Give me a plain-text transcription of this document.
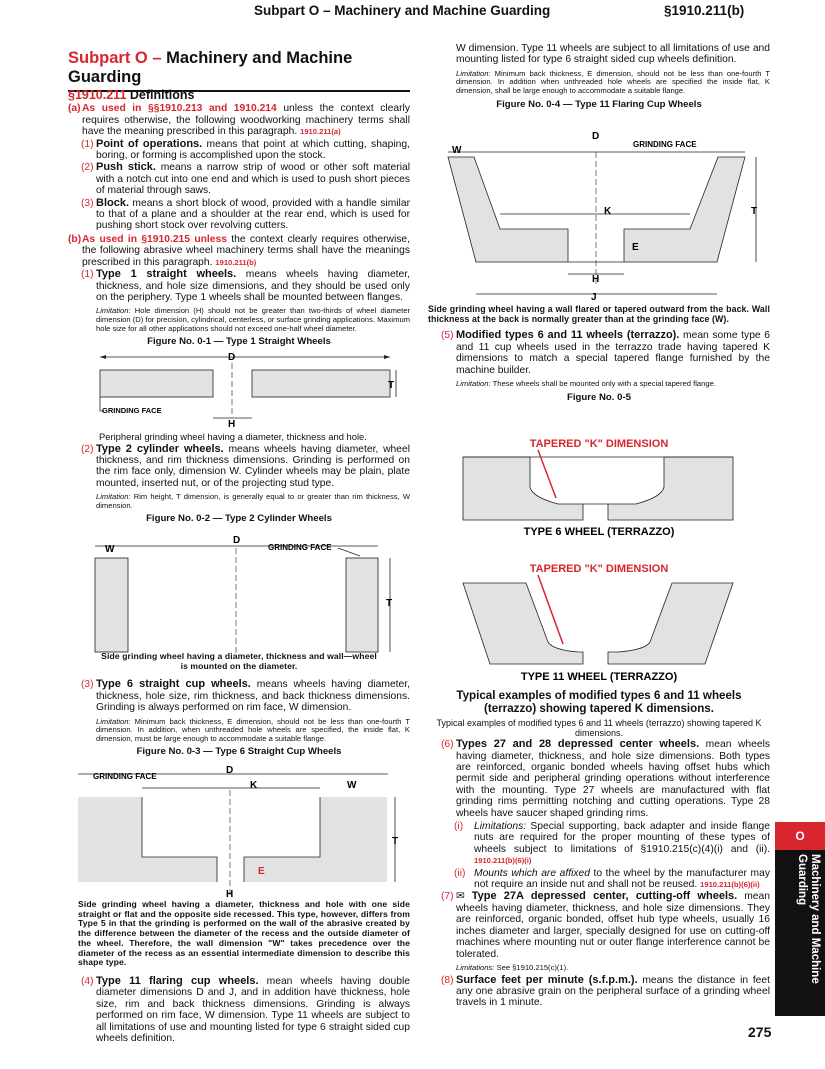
Subpart O – Machinery and Machine Guarding	§1910.211(b)
Subpart O – Machinery and Machine Guarding
§1910.211 Definitions
(a) As used in §§1910.213 and 1910.214 unless the context clearly requires otherwise, the following woodworking machinery terms shall have the meaning prescribed in this paragraph. 1910.211(a)
(1) Point of operations. means that point at which cutting, shaping, boring, or forming is accomplished upon the stock.
(2) Push stick. means a narrow strip of wood or other soft material with a notch cut into one end and which is used to push short pieces of material through saws.
(3) Block. means a short block of wood, provided with a handle similar to that of a plane and a shoulder at the rear end, which is used for pushing short stock over revolving cutters.
(b) As used in §1910.215 unless the context clearly requires otherwise, the following abrasive wheel machinery terms shall have the meanings prescribed in this paragraph. 1910.211(b)
(1) Type 1 straight wheels. means wheels having diameter, thickness, and hole size dimensions, and they should be used only on the periphery. Type 1 wheels shall be mounted between flanges.
Limitation: Hole dimension (H) should not be greater than two-thirds of wheel diameter dimension (D) for precision, cylindrical, centerless, or surface grinding applications. Maximum hole size for all other applications should not exceed one-half wheel diameter.
Figure No. 0-1 — Type 1 Straight Wheels
D
T
H
GRINDING FACE
Peripheral grinding wheel having a diameter, thickness and hole.
(2) Type 2 cylinder wheels. means wheels having diameter, wheel thickness, and rim thickness dimensions. Grinding is performed on the rim face only, dimension W. Cylinder wheels may be plain, plate mounted, inserted nut, or of the projecting stud type.
Limitation: Rim height, T dimension, is generally equal to or greater than rim thickness, W dimension.
Figure No. 0-2 — Type 2 Cylinder Wheels
D
W	GRINDING FACE
T
Side grinding wheel having a diameter, thickness and wall—wheel is mounted on the diameter.
(3) Type 6 straight cup wheels. means wheels having diameter, thickness, hole size, rim thickness, and back thickness dimensions. Grinding is always performed on rim face, W dimension.
Limitation: Minimum back thickness, E dimension, should not be less than one-fourth T dimension. In addition, when unthreaded hole wheels are specified, the inside flat, K dimension, must be large enough to accommodate a suitable flange.
Figure No. 0-3 — Type 6 Straight Cup Wheels
D
GRINDING FACE
K	W
T
E
H
Side grinding wheel having a diameter, thickness and hole with one side straight or flat and the opposite side recessed. This type, however, differs from Type 5 in that the grinding is performed on the wall of the abrasive created by the difference between the diameter of the recess and the outside diameter of the wheel. Therefore, the wall dimension "W" takes precedence over the diameter of the recess as an essential intermediate dimension to describe this shape type.
(4) Type 11 flaring cup wheels. mean wheels having double diameter dimensions D and J, and in addition have thickness, hole size, rim and back thickness dimensions. Grinding is always performed on rim face, W dimension. Type 11 wheels are subject to all limitations of use and mounting listed for type 6 straight sided cup wheels definition.
W dimension. Type 11 wheels are subject to all limitations of use and mounting listed for type 6 straight sided cup wheels definition.
Limitation: Minimum back thickness, E dimension, should not be less than one-fourth T dimension. In addition when unthreaded hole wheels are specified the inside flat, K dimension, shall be large enough to accommodate a suitable flange.
Figure No. 0-4 — Type 11 Flaring Cup Wheels
D
W
GRINDING FACE
K
E
H
J
T
Side grinding wheel having a wall flared or tapered outward from the back. Wall thickness at the back is normally greater than at the grinding face (W).
(5) Modified types 6 and 11 wheels (terrazzo). mean some type 6 and 11 cup wheels used in the terrazzo trade having tapered K dimensions to match a special tapered flange furnished by the machine builder.
Limitation: These wheels shall be mounted only with a special tapered flange.
Figure No. 0-5
TAPERED "K" DIMENSION
TYPE 6 WHEEL (TERRAZZO)
TAPERED "K" DIMENSION
TYPE 11 WHEEL (TERRAZZO)
Typical examples of modified types 6 and 11 wheels (terrazzo) showing tapered K dimensions.
Typical examples of modified types 6 and 11 wheels (terrazzo) showing tapered K dimensions.
(6) Types 27 and 28 depressed center wheels. mean wheels having diameter, thickness, and hole size dimensions. Both types are reinforced, organic bonded wheels having offset hubs which permit side and peripheral grinding operations without interference with the mounting. Type 27 wheels are manufactured with flat grinding rims permitting notching and cutting operations. Type 28 wheels have saucer shaped grinding rims.
(i) Limitations: Special supporting, back adapter and inside flange nuts are required for the proper mounting of these types of wheels subject to limitations of §1910.215(c)(4)(i) and (ii). 1910.211(b)(6)(i)
(ii) Mounts which are affixed to the wheel by the manufacturer may not require an inside nut and shall not be reused. 1910.211(b)(6)(ii)
(7) ✉ Type 27A depressed center, cutting-off wheels. mean wheels having diameter, thickness, and hole size dimensions. They are reinforced, organic bonded, offset hub type wheels, usually 16 inches diameter and larger, specially designed for use on cutting-off machines where mounting nut or outer flange interference cannot be tolerated.
Limitations: See §1910.215(c)(1).
(8) Surface feet per minute (s.f.p.m.). means the distance in feet any one abrasive grain on the peripheral surface of a grinding wheel travels in 1 minute.
O
Machinery and Machine Guarding
275
